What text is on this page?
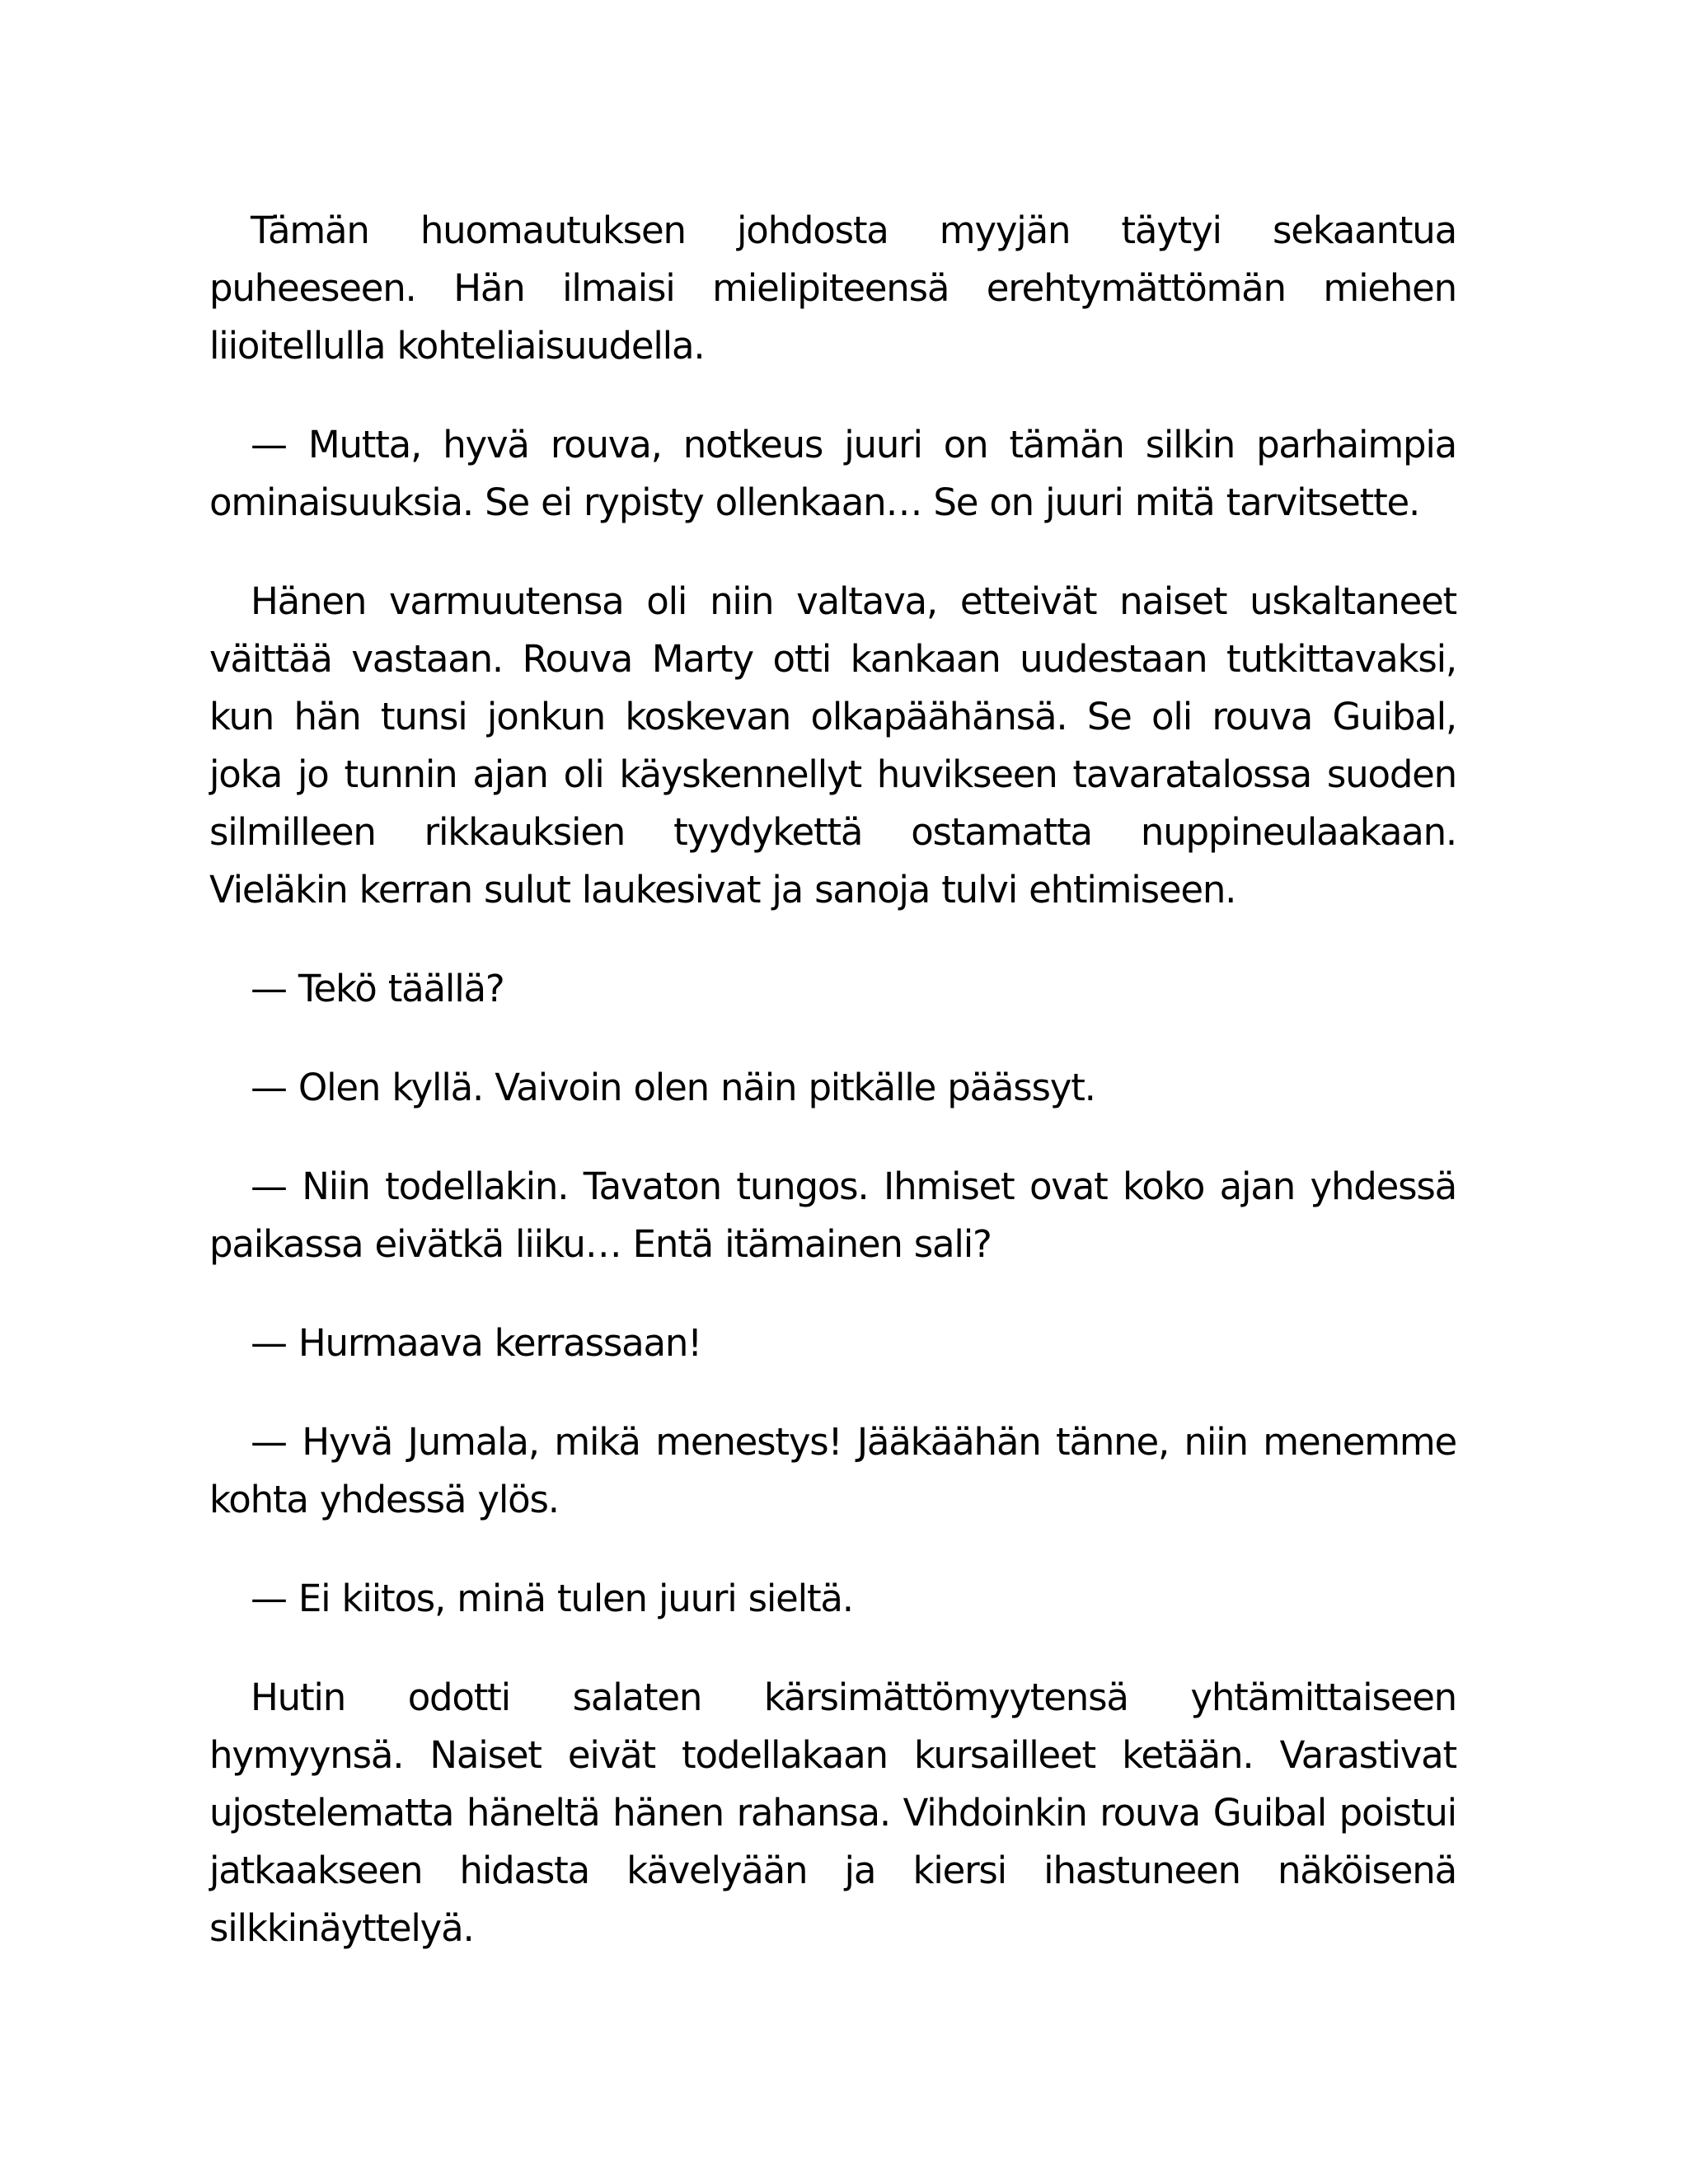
Tämän huomautuksen johdosta myyjän täytyi sekaantua puheeseen. Hän ilmaisi mielipiteensä erehtymättömän miehen liioitellulla kohteliaisuudella.

— Mutta, hyvä rouva, notkeus juuri on tämän silkin parhaimpia ominaisuuksia. Se ei rypisty ollenkaan… Se on juuri mitä tarvitsette.

Hänen varmuutensa oli niin valtava, etteivät naiset uskaltaneet väittää vastaan. Rouva Marty otti kankaan uudestaan tutkittavaksi, kun hän tunsi jonkun koskevan olkapäähänsä. Se oli rouva Guibal, joka jo tunnin ajan oli käyskennellyt huvikseen tavaratalossa suoden silmilleen rikkauksien tyydykettä ostamatta nuppineulaakaan. Vieläkin kerran sulut laukesivat ja sanoja tulvi ehtimiseen.

— Tekö täällä?

— Olen kyllä. Vaivoin olen näin pitkälle päässyt.

— Niin todellakin. Tavaton tungos. Ihmiset ovat koko ajan yhdessä paikassa eivätkä liiku… Entä itämainen sali?

— Hurmaava kerrassaan!

— Hyvä Jumala, mikä menestys! Jääkäähän tänne, niin menemme kohta yhdessä ylös.

— Ei kiitos, minä tulen juuri sieltä.

Hutin odotti salaten kärsimättömyytensä yhtämittaiseen hymyynsä. Naiset eivät todellakaan kursailleet ketään. Varastivat ujostelematta häneltä hänen rahansa. Vihdoinkin rouva Guibal poistui jatkaakseen hidasta kävelyään ja kiersi ihastuneen näköisenä silkkinäyttelyä.
